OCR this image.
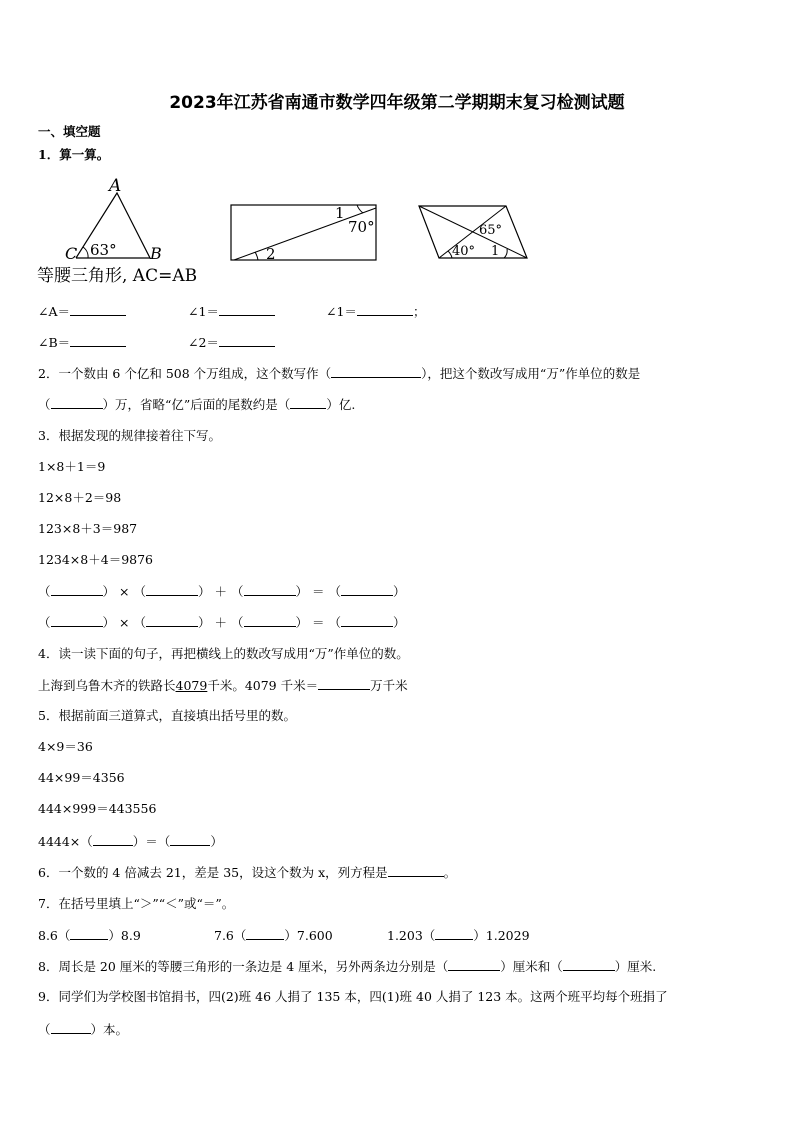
2023年江苏省南通市数学四年级第二学期期末复习检测试题
一、填空题
1．算一算。
A
C	B
63°
等腰三角形, AC=AB
1
70°
2
65°
40° 1
∠A＝	∠1＝	∠1＝	；
∠B＝	∠2＝
2．一个数由 6 个亿和 508 个万组成，这个数写作（	），把这个数改写成用“万”作单位的数是
（	）万，省略“亿”后面的尾数约是（	）亿.
3．根据发现的规律接着往下写。
1×8＋1＝9
12×8＋2＝98
123×8＋3＝987
1234×8＋4＝9876
（	） × （	） ＋ （	） ＝ （	）
（	） × （	） ＋ （	） ＝ （	）
4．读一读下面的句子，再把横线上的数改写成用“万”作单位的数。
上海到乌鲁木齐的铁路长4079千米。4079 千米＝	万千米
5．根据前面三道算式，直接填出括号里的数。
4×9＝36
44×99＝4356
444×999＝443556
4444×（	）＝（	）
6．一个数的 4 倍减去 21，差是 35，设这个数为 x，列方程是	。
7．在括号里填上“＞”“＜”或“＝”。
8.6（	）8.9	7.6（	）7.600	1.203（	）1.2029
8．周长是 20 厘米的等腰三角形的一条边是 4 厘米，另外两条边分别是（	）厘米和（	）厘米.
9．同学们为学校图书馆捐书，四(2)班 46 人捐了 135 本，四(1)班 40 人捐了 123 本。这两个班平均每个班捐了
（	）本。
